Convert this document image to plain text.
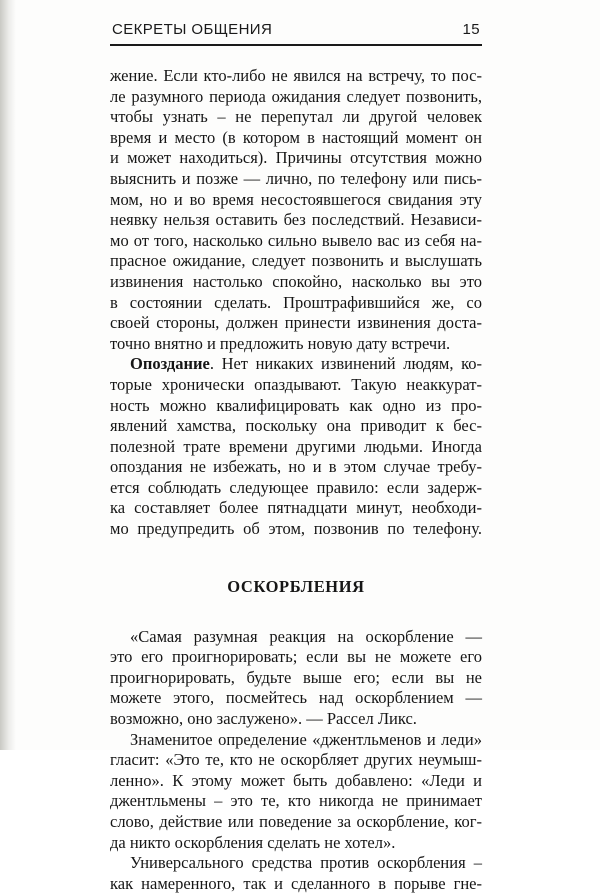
СЕКРЕТЫ ОБЩЕНИЯ	15

жение. Если кто-либо не явился на встречу, то пос-
ле разумного периода ожидания следует позвонить,
чтобы узнать – не перепутал ли другой человек
время и место (в котором в настоящий момент он
и может находиться). Причины отсутствия можно
выяснить и позже — лично, по телефону или пись-
мом, но и во время несостоявшегося свидания эту
неявку нельзя оставить без последствий. Независи-
мо от того, насколько сильно вывело вас из себя на-
прасное ожидание, следует позвонить и выслушать
извинения настолько спокойно, насколько вы это
в состоянии сделать. Проштрафившийся же, со
своей стороны, должен принести извинения доста-
точно внятно и предложить новую дату встречи.

Опоздание. Нет никаких извинений людям, ко-
торые хронически опаздывают. Такую неаккурат-
ность можно квалифицировать как одно из про-
явлений хамства, поскольку она приводит к бес-
полезной трате времени другими людьми. Иногда
опоздания не избежать, но и в этом случае требу-
ется соблюдать следующее правило: если задерж-
ка составляет более пятнадцати минут, необходи-
мо предупредить об этом, позвонив по телефону.

ОСКОРБЛЕНИЯ

«Самая разумная реакция на оскорбление —
это его проигнорировать; если вы не можете его
проигнорировать, будьте выше его; если вы не
можете этого, посмейтесь над оскорблением —
возможно, оно заслужено». — Рассел Ликс.

Знаменитое определение «джентльменов и леди»
гласит: «Это те, кто не оскорбляет других неумыш-
ленно». К этому может быть добавлено: «Леди и
джентльмены – это те, кто никогда не принимает
слово, действие или поведение за оскорбление, ког-
да никто оскорбления сделать не хотел».

Универсального средства против оскорбления –
как намеренного, так и сделанного в порыве гне-
